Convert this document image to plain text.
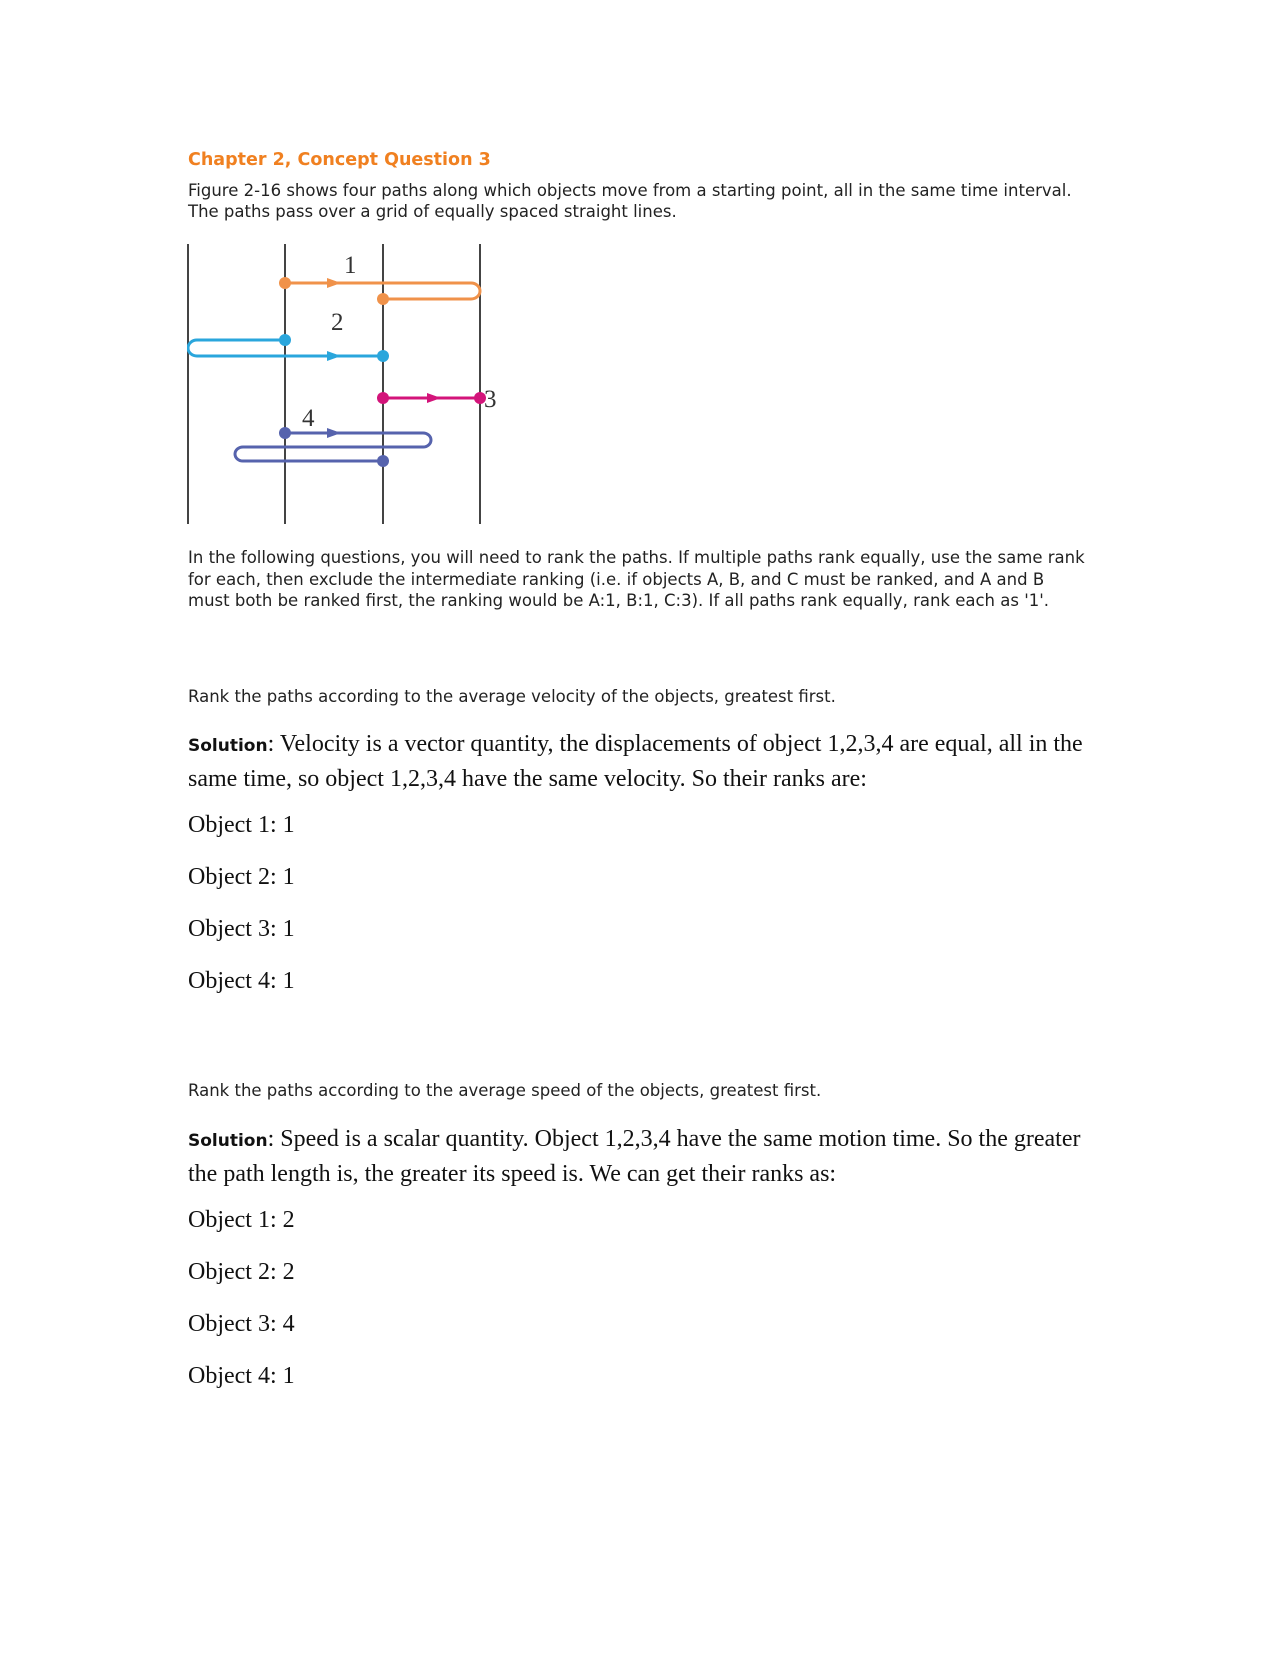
Chapter 2, Concept Question 3
Figure 2-16 shows four paths along which objects move from a starting point, all in the same time interval. The paths pass over a grid of equally spaced straight lines.
1
2
3
4
In the following questions, you will need to rank the paths. If multiple paths rank equally, use the same rank for each, then exclude the intermediate ranking (i.e. if objects A, B, and C must be ranked, and A and B must both be ranked first, the ranking would be A:1, B:1, C:3). If all paths rank equally, rank each as '1'.
Rank the paths according to the average velocity of the objects, greatest first.
Solution: Velocity is a vector quantity, the displacements of object 1,2,3,4 are equal, all in the same time, so object 1,2,3,4 have the same velocity. So their ranks are:
Object 1: 1
Object 2: 1
Object 3: 1
Object 4: 1
Rank the paths according to the average speed of the objects, greatest first.
Solution: Speed is a scalar quantity. Object 1,2,3,4 have the same motion time. So the greater the path length is, the greater its speed is. We can get their ranks as:
Object 1: 2
Object 2: 2
Object 3: 4
Object 4: 1
